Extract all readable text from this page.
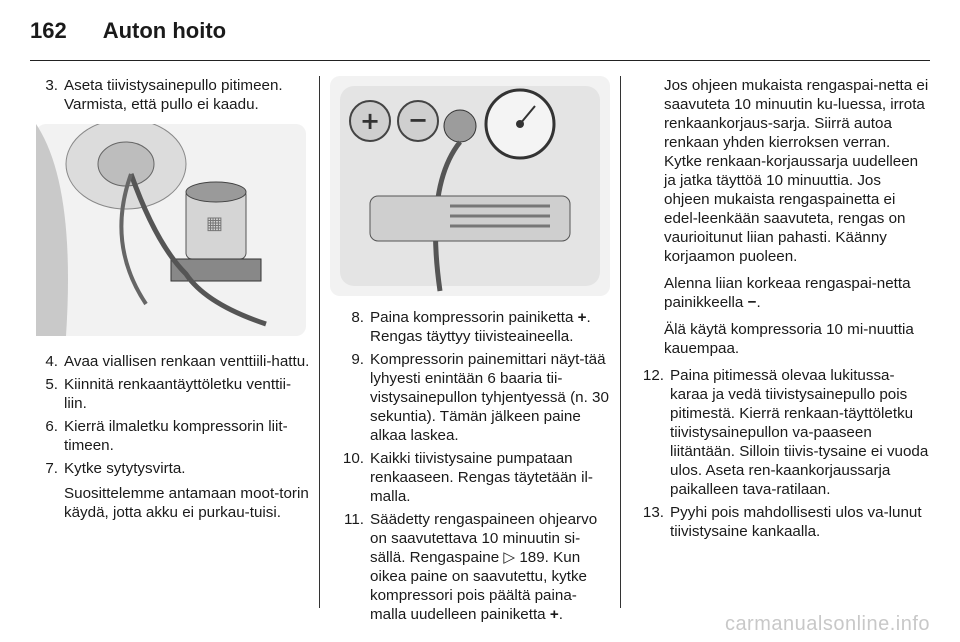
162 Auton hoito
3. Aseta tiivistysainepullo pitimeen. Varmista, että pullo ei kaadu.
▦
4. Avaa viallisen renkaan venttiili-hattu.
5. Kiinnitä renkaantäyttöletku venttii-liin.
6. Kierrä ilmaletku kompressorin liit-timeen.
7. Kytke sytytysvirta.
Suosittelemme antamaan moot-torin käydä, jotta akku ei purkau-tuisi.
+ −
8. Paina kompressorin painiketta +. Rengas täyttyy tiivisteaineella.
9. Kompressorin painemittari näyt-tää lyhyesti enintään 6 baaria tii-vistysainepullon tyhjentyessä (n. 30 sekuntia). Tämän jälkeen paine alkaa laskea.
10. Kaikki tiivistysaine pumpataan renkaaseen. Rengas täytetään il-malla.
11. Säädetty rengaspaineen ohjearvo on saavutettava 10 minuutin si-sällä. Rengaspaine ▷ 189. Kun oikea paine on saavutettu, kytke kompressori pois päältä paina-malla uudelleen painiketta +.
Jos ohjeen mukaista rengaspai-netta ei saavuteta 10 minuutin ku-luessa, irrota renkaankorjaus-sarja. Siirrä autoa renkaan yhden kierroksen verran. Kytke renkaan-korjaussarja uudelleen ja jatka täyttöä 10 minuuttia. Jos ohjeen mukaista rengaspainetta ei edel-leenkään saavuteta, rengas on vaurioitunut liian pahasti. Käänny korjaamon puoleen.
Alenna liian korkeaa rengaspai-netta painikkeella −.
Älä käytä kompressoria 10 mi-nuuttia kauempaa.
12. Paina pitimessä olevaa lukitussa-karaa ja vedä tiivistysainepullo pois pitimestä. Kierrä renkaan-täyttöletku tiivistysainepullon va-paaseen liitäntään. Silloin tiivis-tysaine ei vuoda ulos. Aseta ren-kaankorjaussarja paikalleen tava-ratilaan.
13. Pyyhi pois mahdollisesti ulos va-lunut tiivistysaine kankaalla.
carmanualsonline.info
